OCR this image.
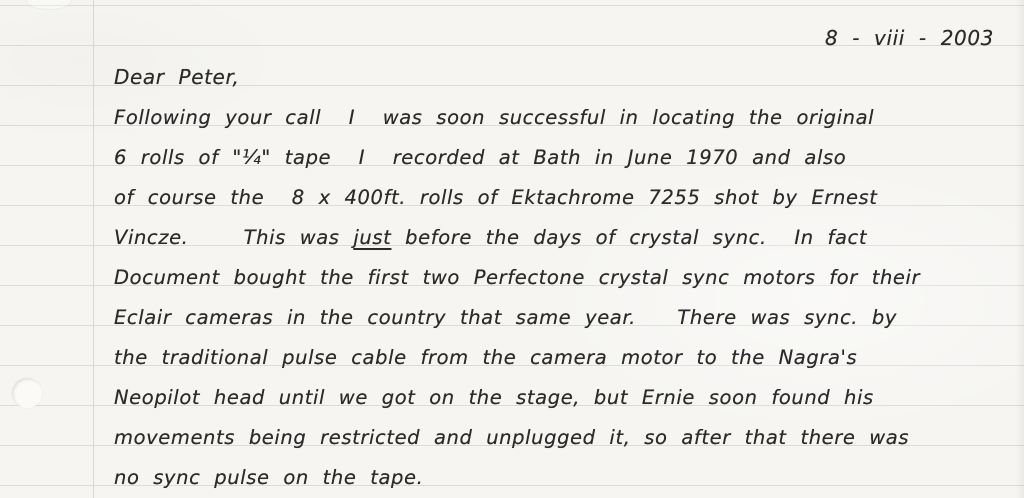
8 - viii - 2003
Dear Peter,
Following your call  I  was soon successful in locating the original
6 rolls of "¼" tape  I  recorded at Bath in June 1970 and also
of course the  8 x 400ft. rolls of Ektachrome 7255 shot by Ernest
Vincze.    This was just before the days of crystal sync.  In fact
Document bought the first two Perfectone crystal sync motors for their
Eclair cameras in the country that same year.   There was sync. by
the traditional pulse cable from the camera motor to the Nagra's
Neopilot head until we got on the stage, but Ernie soon found his
movements being restricted and unplugged it, so after that there was
no sync pulse on the tape.
